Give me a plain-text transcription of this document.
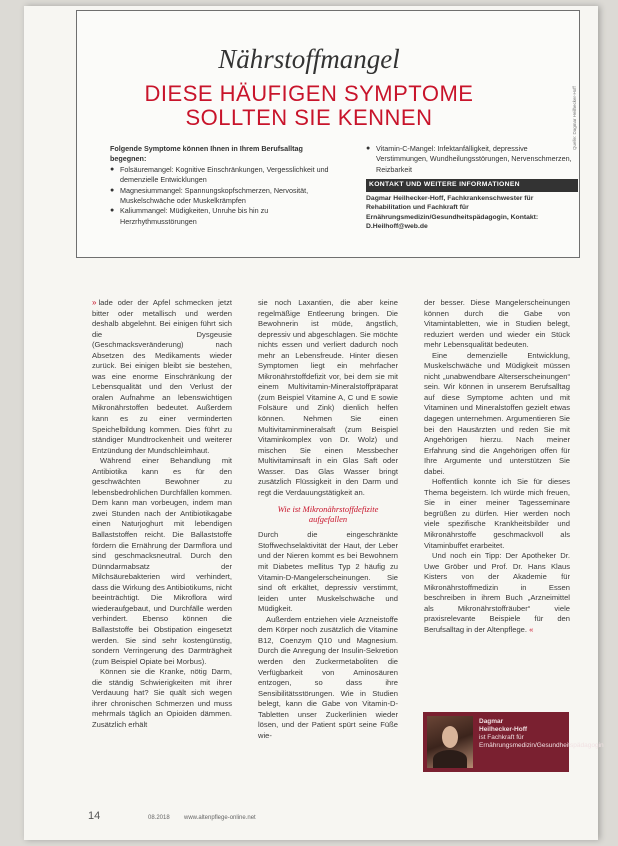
Quelle: Dagmar Heilhecker-Hoff
Nährstoffmangel
DIESE HÄUFIGEN SYMPTOME
SOLLTEN SIE KENNEN
Folgende Symptome können Ihnen in Ihrem Berufsalltag begegnen:
● Folsäuremangel: Kognitive Einschränkungen, Vergesslichkeit und demenzielle Entwicklungen
● Magnesiummangel: Spannungskopfschmerzen, Nervosität, Muskelschwäche oder Muskelkrämpfen
● Kaliummangel: Müdigkeiten, Unruhe bis hin zu Herzrhythmusstörungen
● Vitamin-C-Mangel: Infektanfälligkeit, depressive Verstimmungen, Wundheilungsstörungen, Nervenschmerzen, Reizbarkeit
KONTAKT UND WEITERE INFORMATIONEN
Dagmar Heilhecker-Hoff, Fachkrankenschwester für Rehabilitation und Fachkraft für Ernährungsmedizin/Gesundheitspädagogin, Kontakt: D.Heilhoff@web.de

» lade oder der Apfel schmecken jetzt bitter oder metallisch und werden deshalb abgelehnt. Bei einigen führt sich die Dysgeusie (Geschmacksveränderung) nach Absetzen des Medikaments wieder zurück. Bei einigen bleibt sie bestehen, was eine enorme Einschränkung der Lebensqualität und den Verlust der oralen Aufnahme an lebenswichtigen Mikronährstoffen bedeutet. Außerdem kann es zu einer verminderten Speichelbildung kommen. Dies führt zu ständiger Mundtrockenheit und weiterer Entzündung der Mundschleimhaut.

Während einer Behandlung mit Antibiotika kann es für den geschwächten Bewohner zu lebensbedrohlichen Durchfällen kommen. Dem kann man vorbeugen, indem man zwei Stunden nach der Antibiotikagabe einen Naturjoghurt mit lebendigen Ballaststoffen reicht. Die Ballaststoffe fördern die Ernährung der Darmflora und sind geschmacksneutral. Durch den Dünndarmabsatz der Milchsäurebakterien wird verhindert, dass die Wirkung des Antibiotikums, nicht beeinträchtigt. Die Mikroflora wird wiederaufgebaut, und Durchfälle werden verhindert. Ebenso können die Ballaststoffe bei Obstipation eingesetzt werden. Sie sind sehr kostengünstig, sondern Verringerung des Darmträgheit (zum Beispiel Opiate bei Morbus).

Können sie die Kranke, nötig Darm, die ständig Schwierigkeiten mit ihrer Verdauung hat? Sie quält sich wegen ihrer chronischen Schmerzen und muss mehrmals täglich an Opioiden dämmen. Zusätzlich erhält

sie noch Laxantien, die aber keine regelmäßige Entleerung bringen. Die Bewohnerin ist müde, ängstlich, depressiv und abgeschlagen. Sie möchte nichts essen und verliert dadurch noch mehr an Lebensfreude. Hinter diesen Symptomen liegt ein mehrfacher Mikronährstoffdefizit vor, bei dem sie mit einem Multivitamin-Mineralstoffpräparat (zum Beispiel Vitamine A, C und E sowie Folsäure und Zink) dienlich helfen können. Nehmen Sie einen Multivitaminmineralsaft (zum Beispiel Vitaminkomplex von Dr. Wolz) und mischen Sie einen Messbecher Multivitaminsaft in ein Glas Saft oder Wasser. Das Glas Wasser bringt zusätzlich Flüssigkeit in den Darm und regt die Verdauungstätigkeit an.

Wie ist Mikronährstoffdefizite aufgefallen

Durch die eingeschränkte Stoffwechselaktivität der Haut, der Leber und der Nieren kommt es bei Bewohnern mit Diabetes mellitus Typ 2 häufig zu Vitamin-D-Mangelerscheinungen. Sie sind oft erkältet, depressiv verstimmt, leiden unter Muskelschwäche und Müdigkeit.

Außerdem entziehen viele Arzneistoffe dem Körper noch zusätzlich die Vitamine B12, Coenzym Q10 und Magnesium. Durch die Anregung der Insulin-Sekretion werden den Zuckermetaboliten die Verfügbarkeit von Aminosäuren entzogen, so dass ihre Sensibilitätsstörungen. Wie in Studien belegt, kann die Gabe von Vitamin-D-Tabletten unser Zuckerlinien wieder lösen, und der Patient spürt seine Füße wie-

der besser. Diese Mangelerscheinungen können durch die Gabe von Vitamintabletten, wie in Studien belegt, reduziert werden und wieder ein Stück mehr Lebensqualität bedeuten.

Eine demenzielle Entwicklung, Muskelschwäche und Müdigkeit müssen nicht „unabwendbare Alterserscheinungen“ sein. Wir können in unserem Berufsalltag auf diese Symptome achten und mit Vitaminen und Mineralstoffen gezielt etwas dagegen unternehmen. Argumentieren Sie bei den Hausärzten und reden Sie mit Angehörigen hierzu. Nach meiner Erfahrung sind die Angehörigen offen für Ihre Argumente und unterstützen Sie dabei.

Hoffentlich konnte ich Sie für dieses Thema begeistern. Ich würde mich freuen, Sie in einer meiner Tagesseminare begrüßen zu dürfen. Hier werden noch viele spezifische Krankheitsbilder und Mikronährstoffe geschmackvoll als Vitaminbuffet erarbeitet.

Und noch ein Tipp: Der Apotheker Dr. Uwe Gröber und Prof. Dr. Hans Klaus Kisters von der Akademie für Mikronährstoffmedizin in Essen beschreiben in ihrem Buch „Arzneimittel als Mikronährstoffräuber“ viele praxisrelevante Beispiele für den Berufsalltag in der Altenpflege. «

Dagmar
Heilhecker-Hoff
ist Fachkraft für Ernährungsmedizin/Gesundheitspädagogin
14	08.2018 www.altenpflege-online.net
